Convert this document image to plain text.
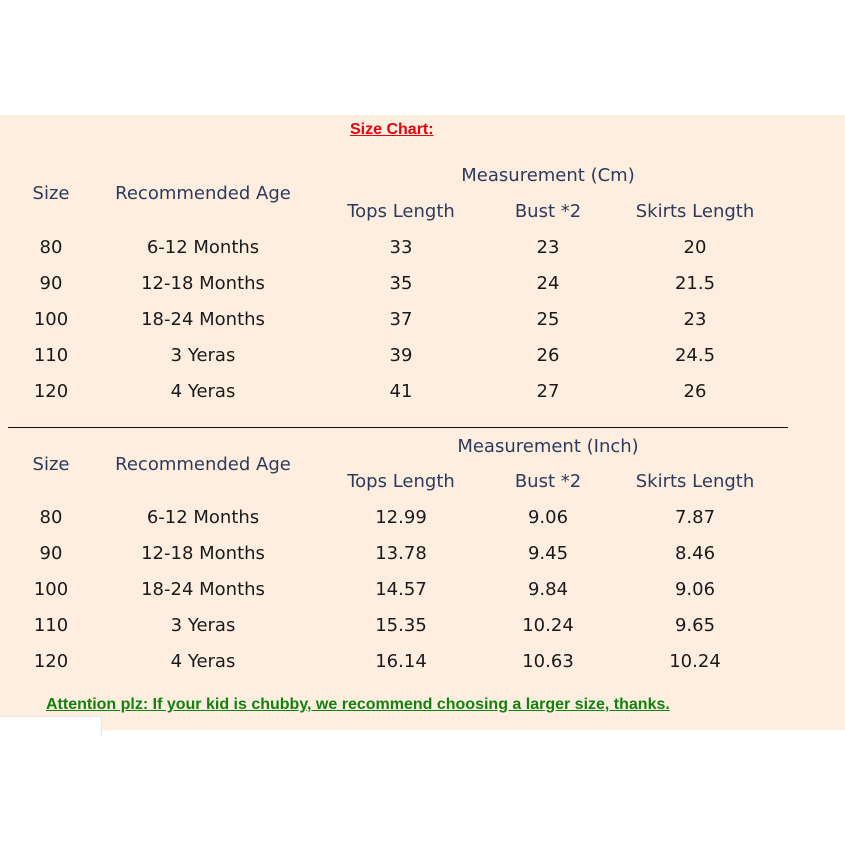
Size Chart:
Measurement (Cm)
Size	Recommended Age
Tops Length	Bust *2	Skirts Length
80	6-12 Months	33	23	20
90	12-18 Months	35	24	21.5
100	18-24 Months	37	25	23
110	3 Yeras	39	26	24.5
120	4 Yeras	41	27	26
Measurement (Inch)
Size	Recommended Age
Tops Length	Bust *2	Skirts Length
80	6-12 Months	12.99	9.06	7.87
90	12-18 Months	13.78	9.45	8.46
100	18-24 Months	14.57	9.84	9.06
110	3 Yeras	15.35	10.24	9.65
120	4 Yeras	16.14	10.63	10.24
Attention plz: If your kid is chubby, we recommend choosing a larger size, thanks.
